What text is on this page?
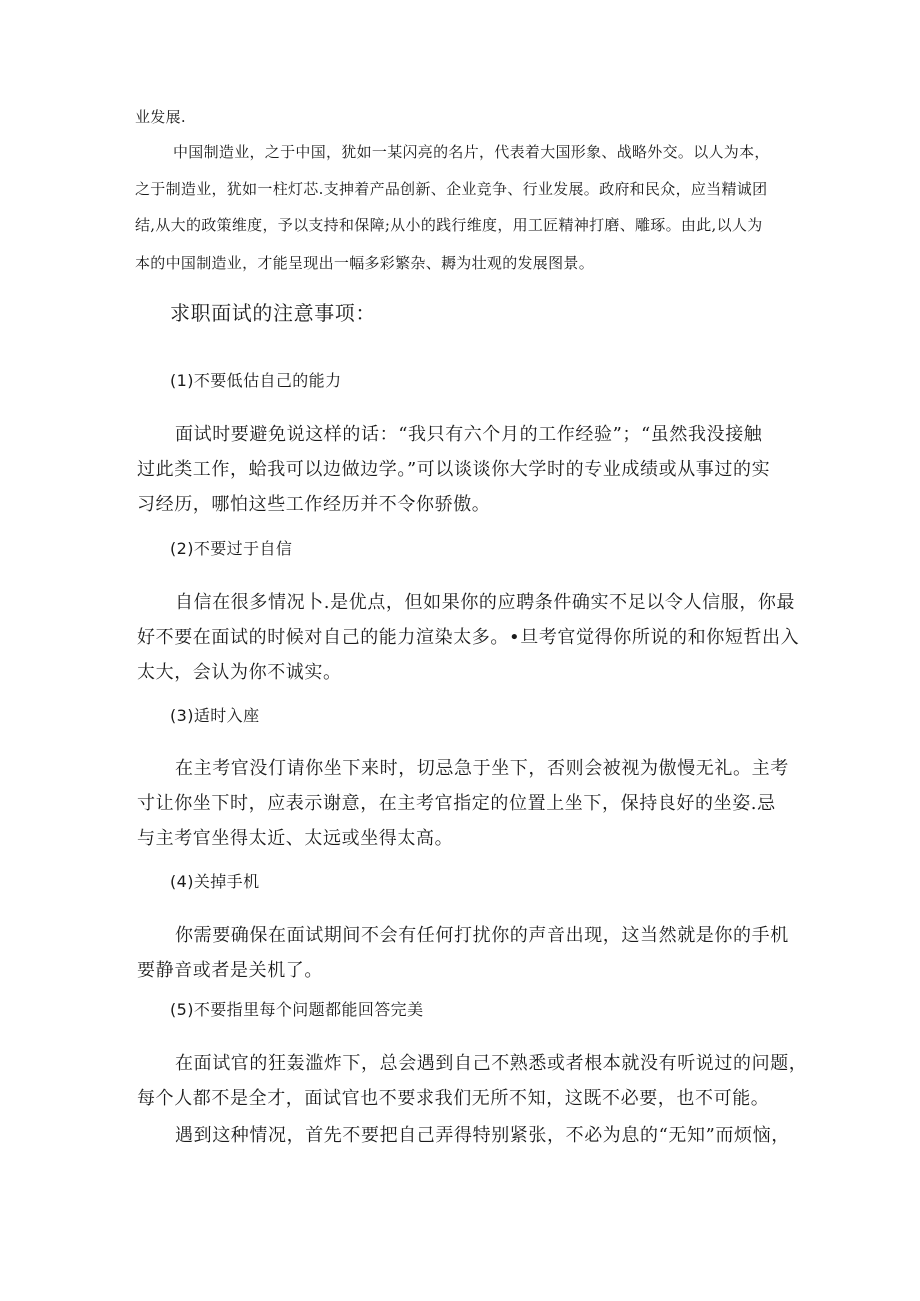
业发展.
中国制造业，之于中国，犹如一某闪亮的名片，代表着大国形象、战略外交。以人为本，
之于制造业，犹如一柱灯芯.支抻着产品创新、企业竞争、行业发展。政府和民众，应当精诚团
结,从大的政策维度，予以支持和保障;从小的践行维度，用工匠精神打磨、雕琢。由此,以人为
本的中国制造业，才能呈现出一幅多彩繁杂、耨为壮观的发展图景。
求职面试的注意事项：
(1)不要低估自己的能力
面试时要避免说这样的话：“我只有六个月的工作经验”；“虽然我没接触
过此类工作，蛤我可以边做边学。”可以谈谈你大学时的专业成绩或从事过的实
习经历，哪怕这些工作经历并不令你骄傲。
(2)不要过于自信
自信在很多情况卜.是优点，但如果你的应聘条件确实不足以令人信服，你最
好不要在面试的时候对自己的能力渲染太多。•旦考官觉得你所说的和你短哲出入
太大，会认为你不诚实。
(3)适时入座
在主考官没仃请你坐下来时，切忌急于坐下，否则会被视为傲慢无礼。主考
寸让你坐下时，应表示谢意，在主考官指定的位置上坐下，保持良好的坐姿.忌
与主考官坐得太近、太远或坐得太高。
(4)关掉手机
你需要确保在面试期间不会有任何打扰你的声音出现，这当然就是你的手机
要静音或者是关机了。
(5)不要指里每个问题都能回答完美
在面试官的狂轰滥炸下，总会遇到自己不熟悉或者根本就没有听说过的问题，
每个人都不是全才，面试官也不要求我们无所不知，这既不必要，也不可能。
遇到这种情况，首先不要把自己弄得特别紧张，不必为息的“无知”而烦恼，
